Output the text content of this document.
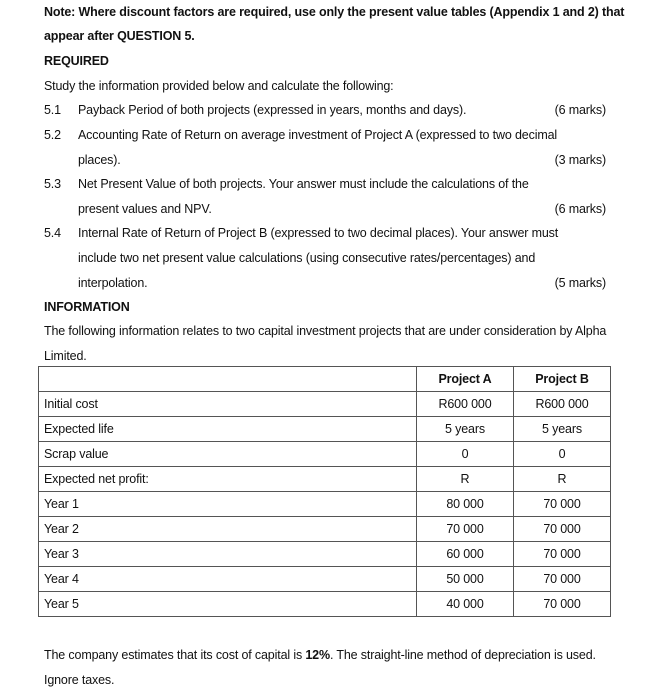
Note: Where discount factors are required, use only the present value tables (Appendix 1 and 2) that
appear after QUESTION 5.
REQUIRED
Study the information provided below and calculate the following:
5.1 Payback Period of both projects (expressed in years, months and days).	(6 marks)
5.2 Accounting Rate of Return on average investment of Project A (expressed to two decimal
places).	(3 marks)
5.3 Net Present Value of both projects. Your answer must include the calculations of the
present values and NPV.	(6 marks)
5.4 Internal Rate of Return of Project B (expressed to two decimal places). Your answer must
include two net present value calculations (using consecutive rates/percentages) and
interpolation.	(5 marks)
INFORMATION
The following information relates to two capital investment projects that are under consideration by Alpha
Limited.
	Project A	Project B
Initial cost	R600 000	R600 000
Expected life	5 years	5 years
Scrap value	0	0
Expected net profit:	R	R
Year 1	80 000	70 000
Year 2	70 000	70 000
Year 3	60 000	70 000
Year 4	50 000	70 000
Year 5	40 000	70 000
The company estimates that its cost of capital is 12%. The straight-line method of depreciation is used.
Ignore taxes.
